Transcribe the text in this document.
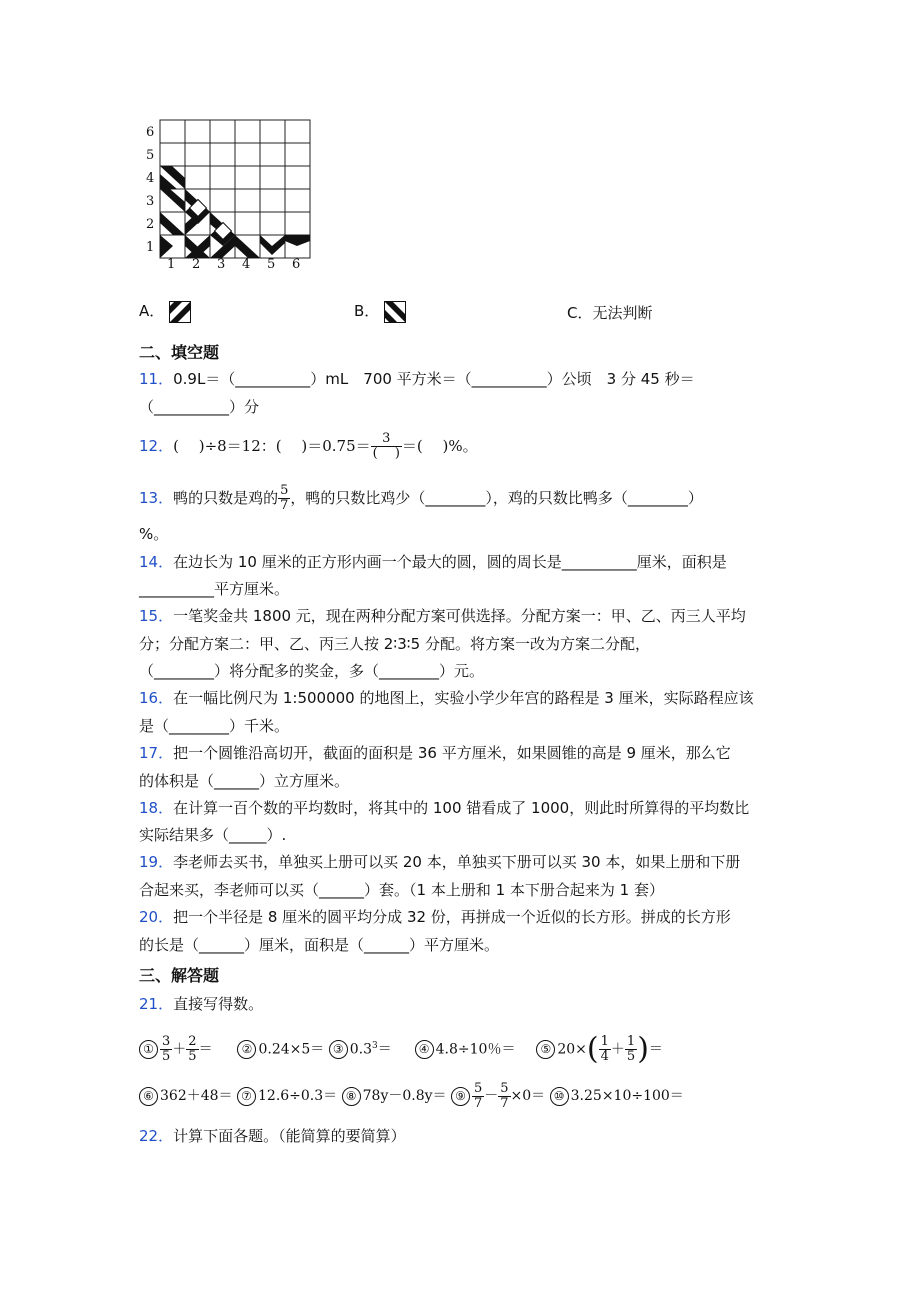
6
5
4
3
2
1
1 2 3 4 5 6
A．	B．	C．无法判断
二、填空题
11．0.9L＝（__________）mL　700 平方米＝（__________）公顷　3 分 45 秒＝
（__________）分
12．(　 )÷8＝12：(　 )$=0.75= \frac{3}{( )}$ ＝(　 )%。
13．鸭的只数是鸡的 $\frac{5}{7}$ ，鸭的只数比鸡少（________），鸡的只数比鸭多（________）
%。
14．在边长为 10 厘米的正方形内画一个最大的圆，圆的周长是__________厘米，面积是
__________平方厘米。
15．一笔奖金共 1800 元，现在两种分配方案可供选择。分配方案一：甲、乙、丙三人平均
分；分配方案二：甲、乙、丙三人按 2∶3∶5 分配。将方案一改为方案二分配，
（________）将分配多的奖金，多（________）元。
16．在一幅比例尺为 1:500000 的地图上，实验小学少年宫的路程是 3 厘米，实际路程应该
是（________）千米。
17．把一个圆锥沿高切开，截面的面积是 36 平方厘米，如果圆锥的高是 9 厘米，那么它
的体积是（______）立方厘米。
18．在计算一百个数的平均数时，将其中的 100 错看成了 1000，则此时所算得的平均数比
实际结果多（_____）.
19．李老师去买书，单独买上册可以买 20 本，单独买下册可以买 30 本，如果上册和下册
合起来买，李老师可以买（______）套。（1 本上册和 1 本下册合起来为 1 套）
20．把一个半径是 8 厘米的圆平均分成 32 份，再拼成一个近似的长方形。拼成的长方形
的长是（______）厘米，面积是（______）平方厘米。
三、解答题
21．直接写得数。
① $\frac{3}{5} + \frac{2}{5}$ ＝ ② 0.24×5＝ ③ $0.3^3=$ ④ 4.8÷10％＝ ⑤ $20\times( \frac{1}{4} + \frac{1}{5}$ )＝
⑥ 362＋48＝ ⑦ 12.6÷0.3＝ ⑧ 78y－0.8y＝ ⑨ $\frac{5}{7} - \frac{5}{7} \times 0=$ ⑩ 3.25×10÷100＝
22．计算下面各题。（能简算的要简算）
